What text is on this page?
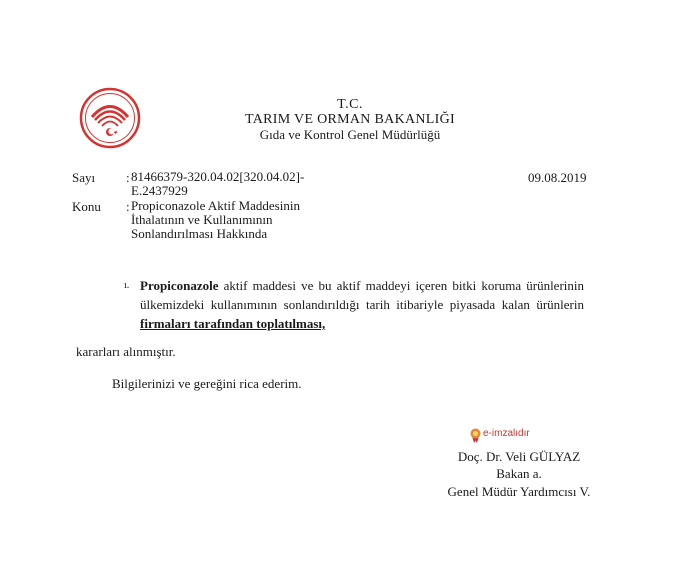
T.C.
TARIM VE ORMAN BAKANLIĞI
Gıda ve Kontrol Genel Müdürlüğü
Sayı : 81466379-320.04.02[320.04.02]-
E.2437929
09.08.2019
Konu : Propiconazole Aktif Maddesinin
İthalatının ve Kullanımının
Sonlandırılması Hakkında
ı. Propiconazole aktif maddesi ve bu aktif maddeyi içeren bitki koruma ürünlerinin
ülkemizdeki kullanımının sonlandırıldığı tarih itibariyle piyasada kalan ürünlerin
firmaları tarafından toplatılması,
kararları alınmıştır.
Bilgilerinizi ve gereğini rica ederim.
e-imzalıdır
Doç. Dr. Veli GÜLYAZ
Bakan a.
Genel Müdür Yardımcısı V.
